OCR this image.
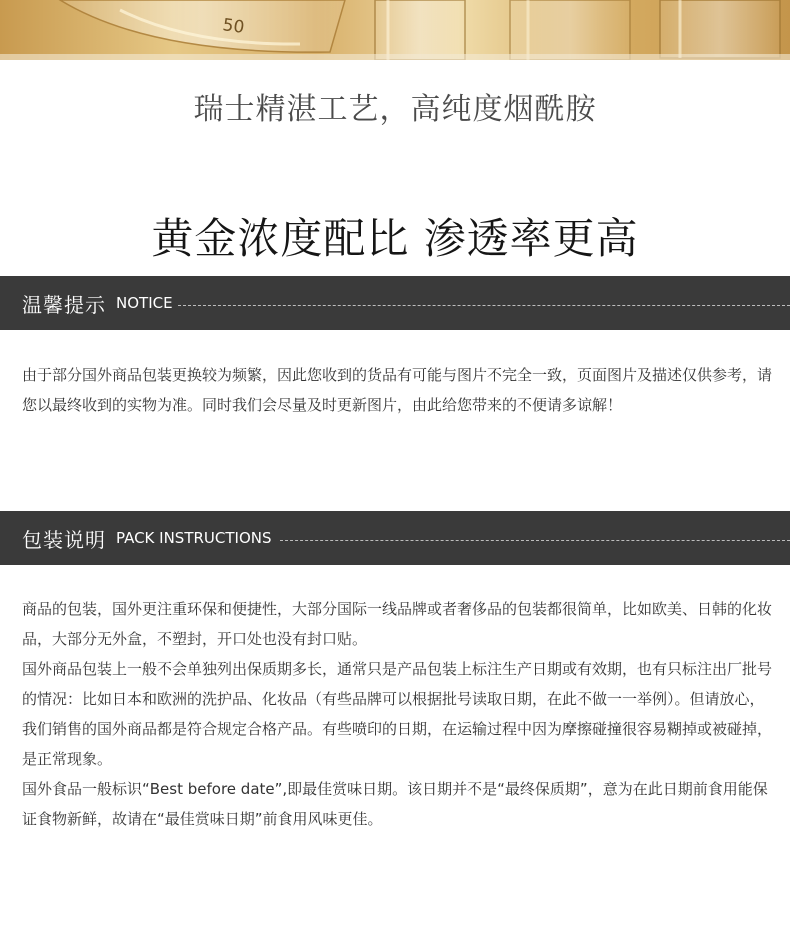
50
瑞士精湛工艺，高纯度烟酰胺
黄金浓度配比 渗透率更高
温馨提示 NOTICE

由于部分国外商品包装更换较为频繁，因此您收到的货品有可能与图片不完全一致，页面图片及描述仅供参考，请您以最终收到的实物为准。同时我们会尽量及时更新图片，由此给您带来的不便请多谅解！

包装说明 PACK INSTRUCTIONS

商品的包装，国外更注重环保和便捷性，大部分国际一线品牌或者奢侈品的包装都很简单，比如欧美、日韩的化妆品，大部分无外盒，不塑封，开口处也没有封口贴。

国外商品包装上一般不会单独列出保质期多长，通常只是产品包装上标注生产日期或有效期，也有只标注出厂批号的情况：比如日本和欧洲的洗护品、化妆品（有些品牌可以根据批号读取日期，在此不做一一举例）。但请放心，我们销售的国外商品都是符合规定合格产品。有些喷印的日期，在运输过程中因为摩擦碰撞很容易糊掉或被碰掉，是正常现象。

国外食品一般标识“Best before date”,即最佳赏味日期。该日期并不是“最终保质期”，意为在此日期前食用能保证食物新鲜，故请在“最佳赏味日期”前食用风味更佳。
